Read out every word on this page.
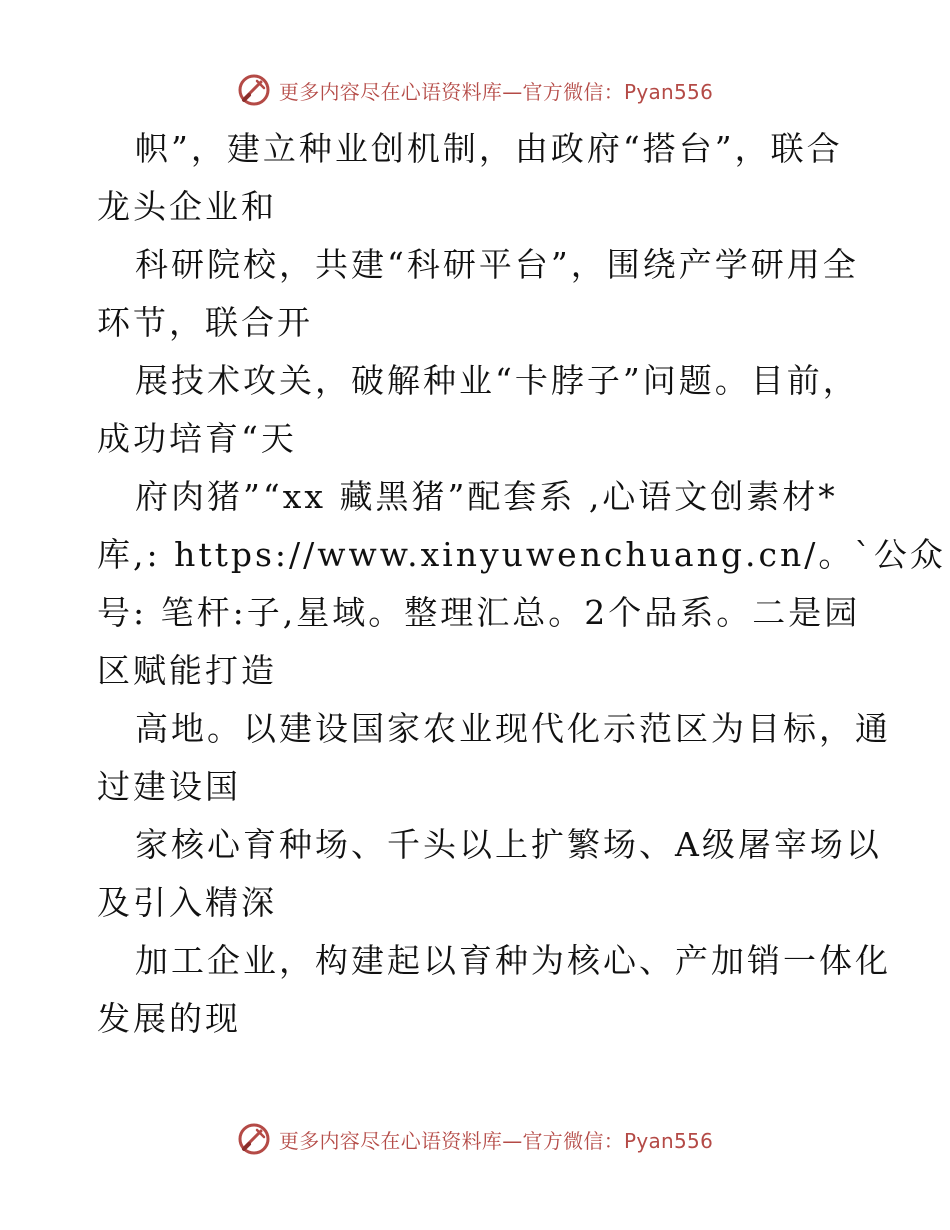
更多内容尽在心语资料库—官方微信：Pyan556
帜”，建立种业创机制，由政府“搭台”，联合
龙头企业和
科研院校，共建“科研平台”，围绕产学研用全
环节，联合开
展技术攻关，破解种业“卡脖子”问题。目前，
成功培育“天
府肉猪”“xx 藏黑猪”配套系 ,心语文创素材*
库,: https://www.xinyuwenchuang.cn/。`公众
号: 笔杆:子,星域。整理汇总。2个品系。二是园
区赋能打造
高地。以建设国家农业现代化示范区为目标，通
过建设国
家核心育种场、千头以上扩繁场、A级屠宰场以
及引入精深
加工企业，构建起以育种为核心、产加销一体化
发展的现
更多内容尽在心语资料库—官方微信：Pyan556
